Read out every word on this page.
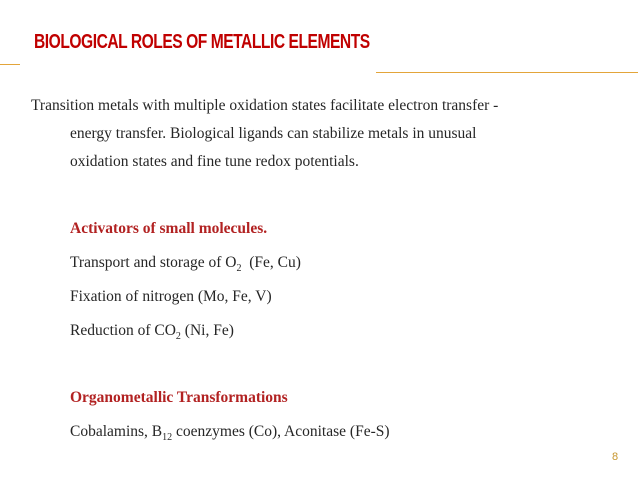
BIOLOGICAL ROLES OF METALLIC ELEMENTS
Transition metals with multiple oxidation states facilitate electron transfer -
energy transfer. Biological ligands can stabilize metals in unusual
oxidation states and fine tune redox potentials.
Activators of small molecules.
Transport and storage of $O_2$  (Fe, Cu)
Fixation of nitrogen (Mo, Fe, V)
Reduction of $CO_2$ (Ni, Fe)
Organometallic Transformations
Cobalamins, $B_{12}$ coenzymes (Co), Aconitase (Fe-S)
8
